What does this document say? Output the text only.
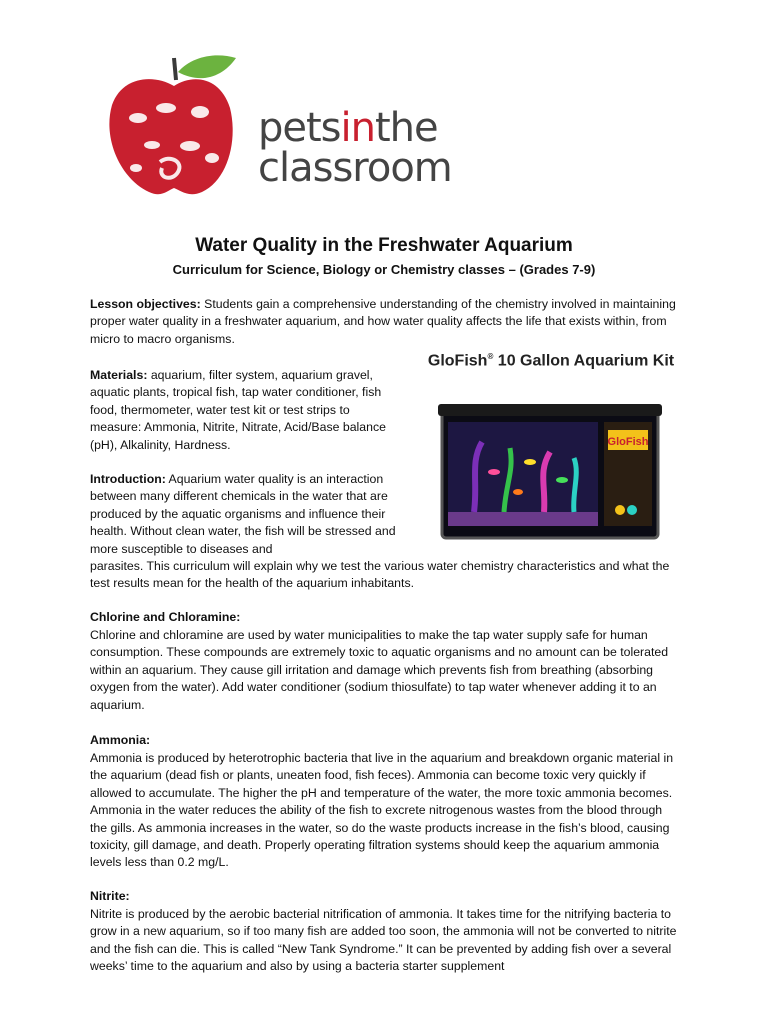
petsinthe
classroom
Water Quality in the Freshwater Aquarium
Curriculum for Science, Biology or Chemistry classes – (Grades 7-9)
Lesson objectives: Students gain a comprehensive understanding of the chemistry involved in maintaining proper water quality in a freshwater aquarium, and how water quality affects the life that exists within, from micro to macro organisms.
Materials: aquarium, filter system, aquarium gravel, aquatic plants, tropical fish, tap water conditioner, fish food, thermometer, water test kit or test strips to measure: Ammonia, Nitrite, Nitrate, Acid/Base balance (pH), Alkalinity, Hardness.
Introduction: Aquarium water quality is an interaction between many different chemicals in the water that are produced by the aquatic organisms and influence their health. Without clean water, the fish will be stressed and more susceptible to diseases and
parasites. This curriculum will explain why we test the various water chemistry characteristics and what the test results mean for the health of the aquarium inhabitants.
GloFish® 10 Gallon Aquarium Kit
GloFish
Chlorine and Chloramine:
Chlorine and chloramine are used by water municipalities to make the tap water supply safe for human consumption. These compounds are extremely toxic to aquatic organisms and no amount can be tolerated within an aquarium. They cause gill irritation and damage which prevents fish from breathing (absorbing oxygen from the water). Add water conditioner (sodium thiosulfate) to tap water whenever adding it to an aquarium.
Ammonia:
Ammonia is produced by heterotrophic bacteria that live in the aquarium and breakdown organic material in the aquarium (dead fish or plants, uneaten food, fish feces). Ammonia can become toxic very quickly if allowed to accumulate. The higher the pH and temperature of the water, the more toxic ammonia becomes. Ammonia in the water reduces the ability of the fish to excrete nitrogenous wastes from the blood through the gills. As ammonia increases in the water, so do the waste products increase in the fish’s blood, causing toxicity, gill damage, and death. Properly operating filtration systems should keep the aquarium ammonia levels less than 0.2 mg/L.
Nitrite:
Nitrite is produced by the aerobic bacterial nitrification of ammonia. It takes time for the nitrifying bacteria to grow in a new aquarium, so if too many fish are added too soon, the ammonia will not be converted to nitrite and the fish can die. This is called “New Tank Syndrome.” It can be prevented by adding fish over a several weeks’ time to the aquarium and also by using a bacteria starter supplement
